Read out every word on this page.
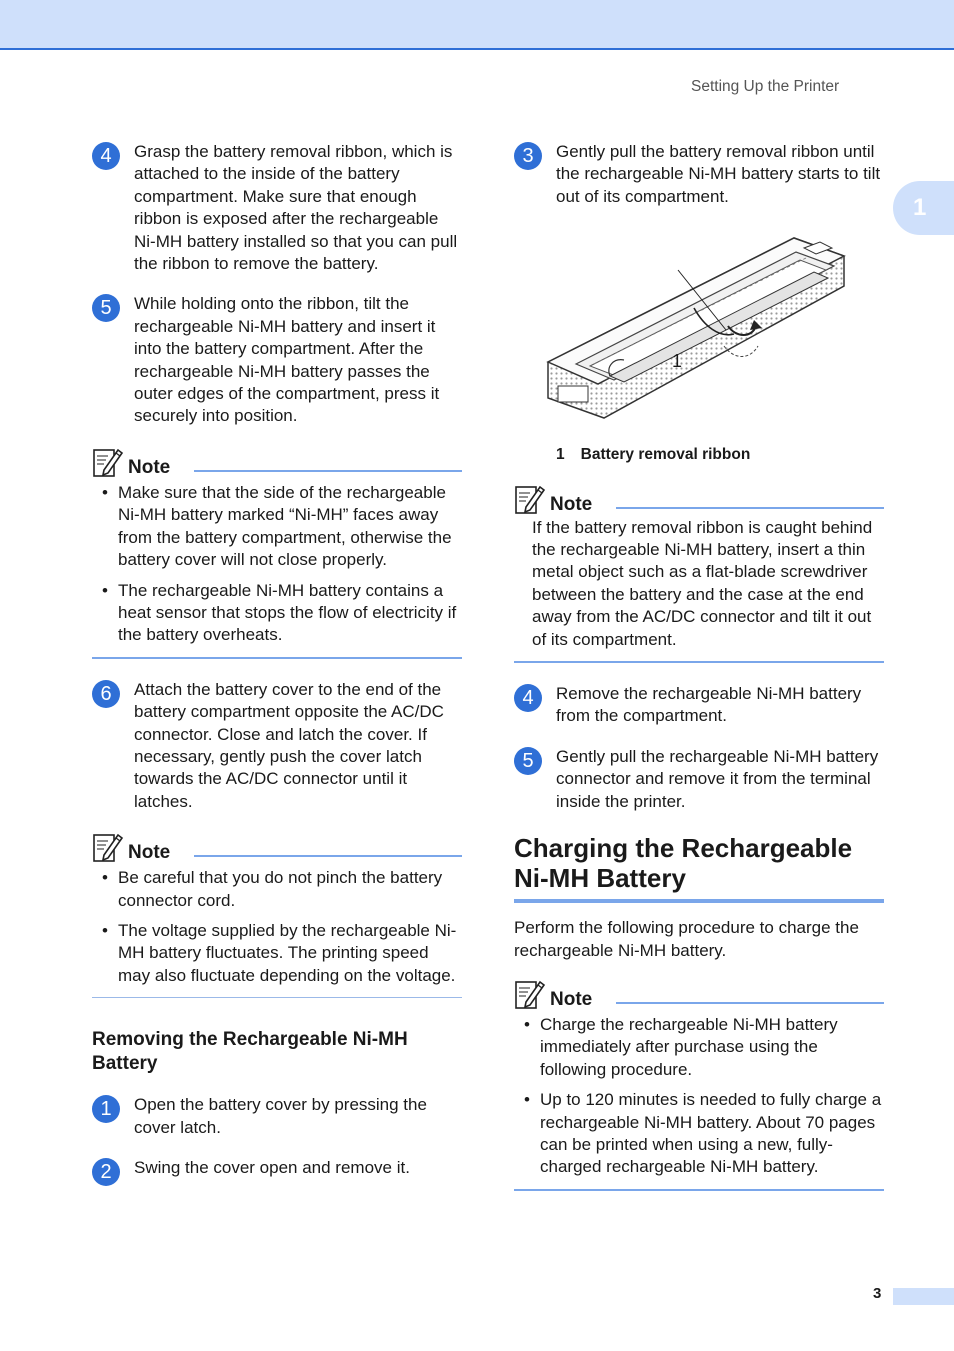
Setting Up the Printer
1
4	Grasp the battery removal ribbon, which is attached to the inside of the battery compartment. Make sure that enough ribbon is exposed after the rechargeable Ni-MH battery installed so that you can pull the ribbon to remove the battery.

5	While holding onto the ribbon, tilt the rechargeable Ni-MH battery and insert it into the battery compartment. After the rechargeable Ni-MH battery passes the outer edges of the compartment, press it securely into position.

Note
• Make sure that the side of the rechargeable Ni-MH battery marked “Ni-MH” faces away from the battery compartment, otherwise the battery cover will not close properly.
• The rechargeable Ni-MH battery contains a heat sensor that stops the flow of electricity if the battery overheats.
6	Attach the battery cover to the end of the battery compartment opposite the AC/DC connector. Close and latch the cover. If necessary, gently push the cover latch towards the AC/DC connector until it latches.

Note
• Be careful that you do not pinch the battery connector cord.
• The voltage supplied by the rechargeable Ni-MH battery fluctuates. The printing speed may also fluctuate depending on the voltage.
Removing the Rechargeable Ni-MH Battery
1	Open the battery cover by pressing the cover latch.

2	Swing the cover open and remove it.

3	Gently pull the battery removal ribbon until the rechargeable Ni-MH battery starts to tilt out of its compartment.

1

1 Battery removal ribbon

Note

If the battery removal ribbon is caught behind the rechargeable Ni-MH battery, insert a thin metal object such as a flat-blade screwdriver between the battery and the case at the end away from the AC/DC connector and tilt it out of its compartment.

4	Remove the rechargeable Ni-MH battery from the compartment.

5	Gently pull the rechargeable Ni-MH battery connector and remove it from the terminal inside the printer.

Charging the Rechargeable Ni-MH Battery

Perform the following procedure to charge the rechargeable Ni-MH battery.

Note
• Charge the rechargeable Ni-MH battery immediately after purchase using the following procedure.
• Up to 120 minutes is needed to fully charge a rechargeable Ni-MH battery. About 70 pages can be printed when using a new, fully-charged rechargeable Ni-MH battery.
3
